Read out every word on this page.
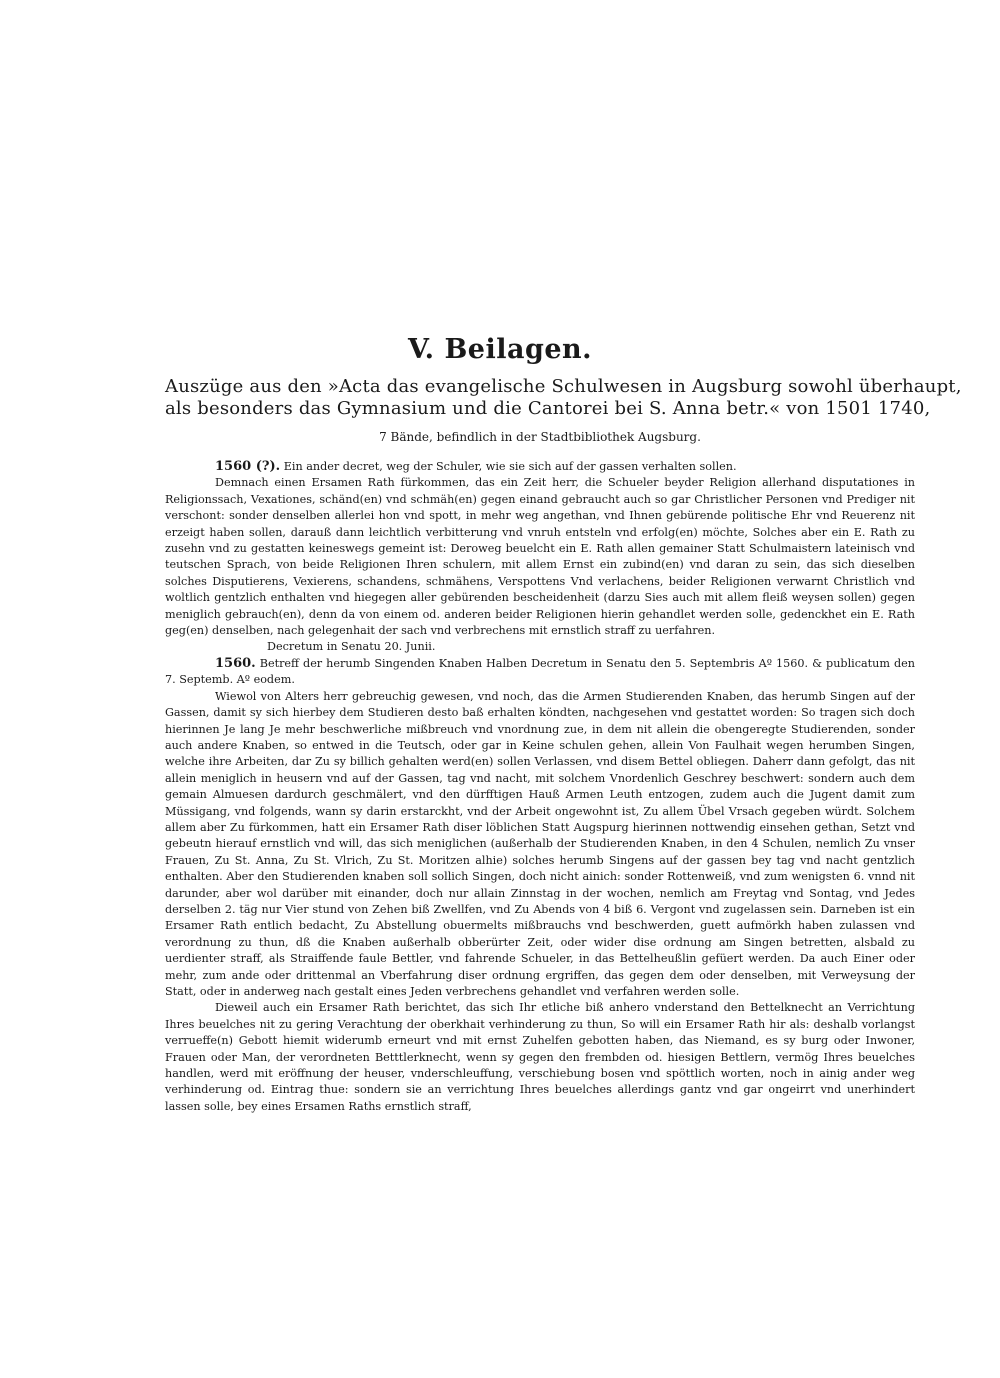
V. Beilagen.
Auszüge aus den »Acta das evangelische Schulwesen in Augsburg sowohl überhaupt,
als besonders das Gymnasium und die Cantorei bei S. Anna betr.« von 1501 1740,
7 Bände, befindlich in der Stadtbibliothek Augsburg.

1560 (?). Ein ander decret, weg der Schuler, wie sie sich auf der gassen verhalten sollen.

Demnach einen Ersamen Rath fürkommen, das ein Zeit herr, die Schueler beyder Religion allerhand disputationes in Religionssach, Vexationes, schänd(en) vnd schmäh(en) gegen einand gebraucht auch so gar Christlicher Personen vnd Prediger nit verschont: sonder denselben allerlei hon vnd spott, in mehr weg angethan, vnd Ihnen gebürende politische Ehr vnd Reuerenz nit erzeigt haben sollen, darauß dann leichtlich verbitterung vnd vnruh entsteln vnd erfolg(en) möchte, Solches aber ein E. Rath zu zusehn vnd zu gestatten keineswegs gemeint ist: Deroweg beuelcht ein E. Rath allen gemainer Statt Schulmaistern lateinisch vnd teutschen Sprach, von beide Religionen Ihren schulern, mit allem Ernst ein zubind(en) vnd daran zu sein, das sich dieselben solches Disputierens, Vexierens, schandens, schmähens, Verspottens Vnd verlachens, beider Religionen verwarnt Christlich vnd woltlich gentzlich enthalten vnd hiegegen aller gebürenden bescheidenheit (darzu Sies auch mit allem fleiß weysen sollen) gegen meniglich gebrauch(en), denn da von einem od. anderen beider Religionen hierin gehandlet werden solle, gedenckhet ein E. Rath geg(en) denselben, nach gelegenhait der sach vnd verbrechens mit ernstlich straff zu uerfahren.

Decretum in Senatu 20. Junii.

1560. Betreff der herumb Singenden Knaben Halben Decretum in Senatu den 5. Septembris Aº 1560. & publicatum den 7. Septemb. Aº eodem.

Wiewol von Alters herr gebreuchig gewesen, vnd noch, das die Armen Studierenden Knaben, das herumb Singen auf der Gassen, damit sy sich hierbey dem Studieren desto baß erhalten köndten, nachgesehen vnd gestattet worden: So tragen sich doch hierinnen Je lang Je mehr beschwerliche mißbreuch vnd vnordnung zue, in dem nit allein die obengeregte Studierenden, sonder auch andere Knaben, so entwed in die Teutsch, oder gar in Keine schulen gehen, allein Von Faulhait wegen herumben Singen, welche ihre Arbeiten, dar Zu sy billich gehalten werd(en) sollen Verlassen, vnd disem Bettel obliegen. Daherr dann gefolgt, das nit allein meniglich in heusern vnd auf der Gassen, tag vnd nacht, mit solchem Vnordenlich Geschrey beschwert: sondern auch dem gemain Almuesen dardurch geschmälert, vnd den dürfftigen Hauß Armen Leuth entzogen, zudem auch die Jugent damit zum Müssigang, vnd folgends, wann sy darin erstarckht, vnd der Arbeit ongewohnt ist, Zu allem Übel Vrsach gegeben würdt. Solchem allem aber Zu fürkommen, hatt ein Ersamer Rath diser löblichen Statt Augspurg hierinnen nottwendig einsehen gethan, Setzt vnd gebeutn hierauf ernstlich vnd will, das sich meniglichen (außerhalb der Studierenden Knaben, in den 4 Schulen, nemlich Zu vnser Frauen, Zu St. Anna, Zu St. Vlrich, Zu St. Moritzen alhie) solches herumb Singens auf der gassen bey tag vnd nacht gentzlich enthalten. Aber den Studierenden knaben soll sollich Singen, doch nicht ainich: sonder Rottenweiß, vnd zum wenigsten 6. vnnd nit darunder, aber wol darüber mit einander, doch nur allain Zinnstag in der wochen, nemlich am Freytag vnd Sontag, vnd Jedes derselben 2. täg nur Vier stund von Zehen biß Zwellfen, vnd Zu Abends von 4 biß 6. Vergont vnd zugelassen sein. Darneben ist ein Ersamer Rath entlich bedacht, Zu Abstellung obuermelts mißbrauchs vnd beschwerden, guett aufmörkh haben zulassen vnd verordnung zu thun, dß die Knaben außerhalb obberürter Zeit, oder wider dise ordnung am Singen betretten, alsbald zu uerdienter straff, als Straiffende faule Bettler, vnd fahrende Schueler, in das Bettelheußlin gefüert werden. Da auch Einer oder mehr, zum ande oder drittenmal an Vberfahrung diser ordnung ergriffen, das gegen dem oder denselben, mit Verweysung der Statt, oder in anderweg nach gestalt eines Jeden verbrechens gehandlet vnd verfahren werden solle.

Dieweil auch ein Ersamer Rath berichtet, das sich Ihr etliche biß anhero vnderstand den Bettelknecht an Verrichtung Ihres beuelches nit zu gering Verachtung der oberkhait verhinderung zu thun, So will ein Ersamer Rath hir als: deshalb vorlangst verrueffe(n) Gebott hiemit widerumb erneurt vnd mit ernst Zuhelfen gebotten haben, das Niemand, es sy burg oder Inwoner, Frauen oder Man, der verordneten Betttlerknecht, wenn sy gegen den frembden od. hiesigen Bettlern, vermög Ihres beuelches handlen, werd mit eröffnung der heuser, vnderschleuffung, verschiebung bosen vnd spöttlich worten, noch in ainig ander weg verhinderung od. Eintrag thue: sondern sie an verrichtung Ihres beuelches allerdings gantz vnd gar ongeirrt vnd unerhindert lassen solle, bey eines Ersamen Raths ernstlich straff,
